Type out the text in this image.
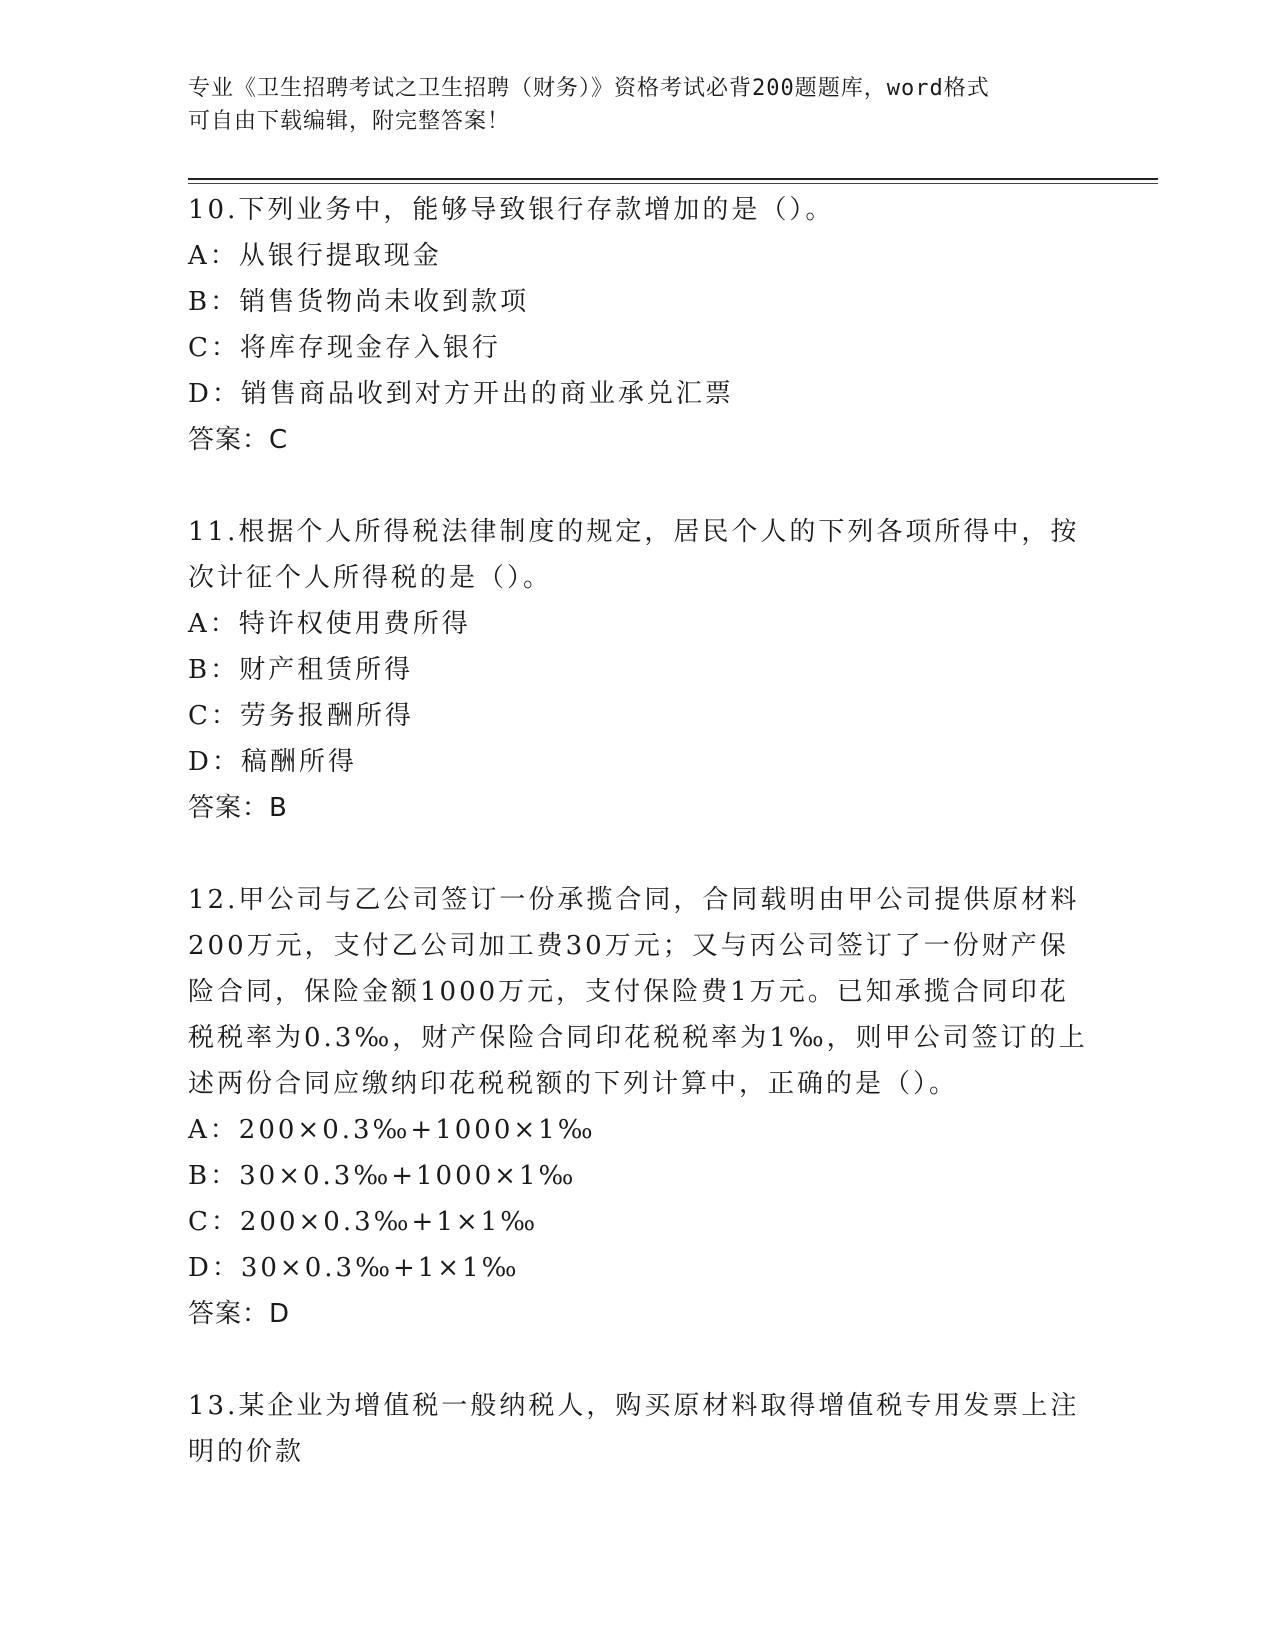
专业《卫生招聘考试之卫生招聘（财务）》资格考试必背200题题库，word格式
可自由下载编辑，附完整答案！
10.下列业务中，能够导致银行存款增加的是（）。
A：从银行提取现金
B：销售货物尚未收到款项
C：将库存现金存入银行
D：销售商品收到对方开出的商业承兑汇票
答案：C
11.根据个人所得税法律制度的规定，居民个人的下列各项所得中，按次计征个人所得税的是（）。
A：特许权使用费所得
B：财产租赁所得
C：劳务报酬所得
D：稿酬所得
答案：B
12.甲公司与乙公司签订一份承揽合同，合同载明由甲公司提供原材料200万元，支付乙公司加工费30万元；又与丙公司签订了一份财产保险合同，保险金额1000万元，支付保险费1万元。已知承揽合同印花税税率为0.3‰，财产保险合同印花税税率为1‰，则甲公司签订的上述两份合同应缴纳印花税税额的下列计算中，正确的是（）。
A：200×0.3‰+1000×1‰
B：30×0.3‰+1000×1‰
C：200×0.3‰+1×1‰
D：30×0.3‰+1×1‰
答案：D
13.某企业为增值税一般纳税人，购买原材料取得增值税专用发票上注明的价款
